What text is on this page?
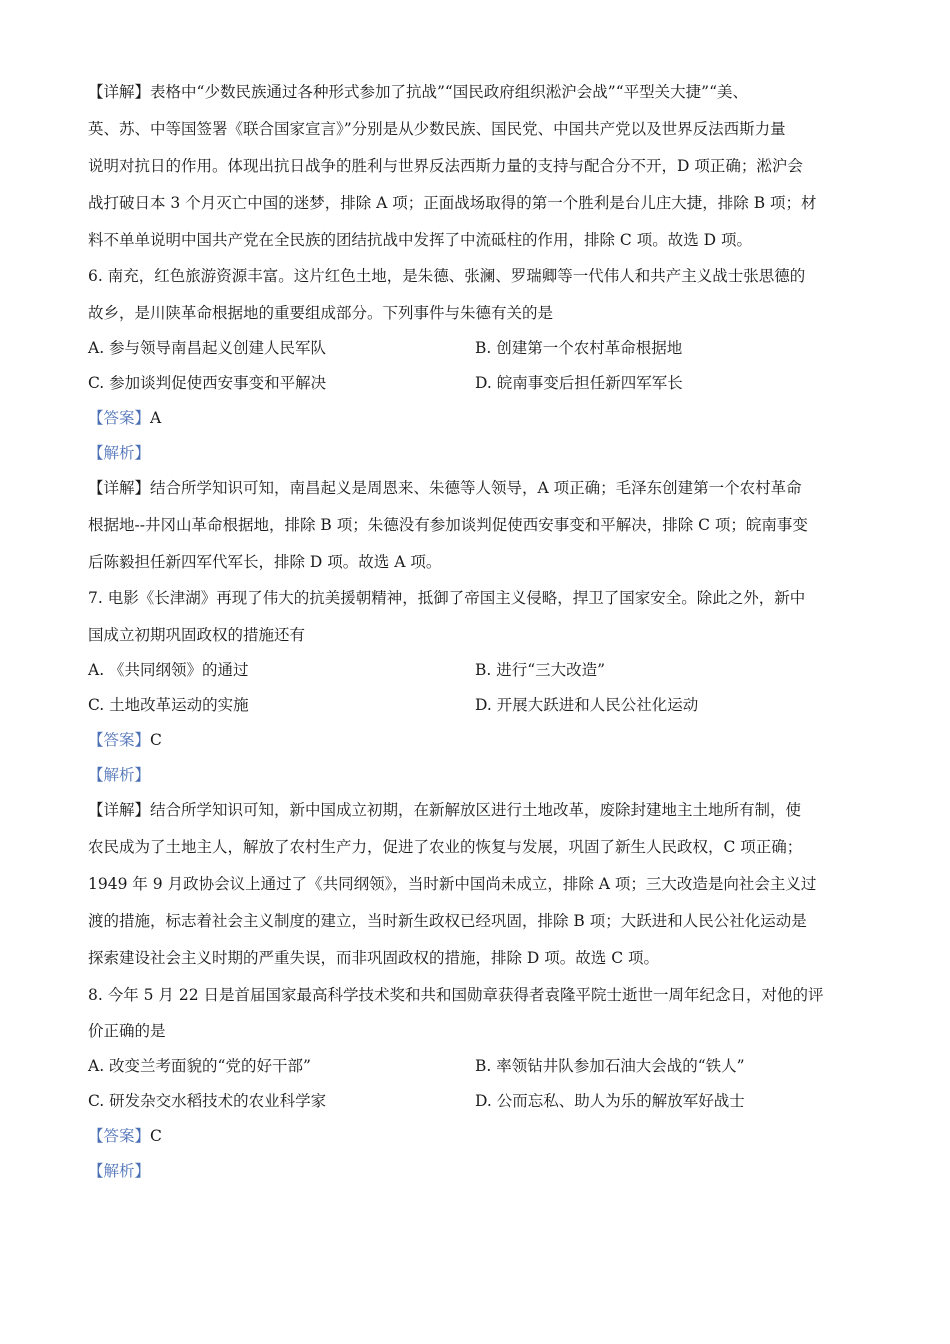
【详解】表格中“少数民族通过各种形式参加了抗战”“国民政府组织淞沪会战”“平型关大捷”“美、
英、苏、中等国签署《联合国家宣言》”分别是从少数民族、国民党、中国共产党以及世界反法西斯力量
说明对抗日的作用。体现出抗日战争的胜利与世界反法西斯力量的支持与配合分不开，D 项正确；淞沪会
战打破日本 3 个月灭亡中国的迷梦，排除 A 项；正面战场取得的第一个胜利是台儿庄大捷，排除 B 项；材
料不单单说明中国共产党在全民族的团结抗战中发挥了中流砥柱的作用，排除 C 项。故选 D 项。
6. 南充，红色旅游资源丰富。这片红色土地，是朱德、张澜、罗瑞卿等一代伟人和共产主义战士张思德的
故乡，是川陕革命根据地的重要组成部分。下列事件与朱德有关的是
A. 参与领导南昌起义创建人民军队	B. 创建第一个农村革命根据地
C. 参加谈判促使西安事变和平解决	D. 皖南事变后担任新四军军长
【答案】A
【解析】
【详解】结合所学知识可知，南昌起义是周恩来、朱德等人领导，A 项正确；毛泽东创建第一个农村革命
根据地--井冈山革命根据地，排除 B 项；朱德没有参加谈判促使西安事变和平解决，排除 C 项；皖南事变
后陈毅担任新四军代军长，排除 D 项。故选 A 项。
7. 电影《长津湖》再现了伟大的抗美援朝精神，抵御了帝国主义侵略，捍卫了国家安全。除此之外，新中
国成立初期巩固政权的措施还有
A. 《共同纲领》的通过	B. 进行“三大改造”
C. 土地改革运动的实施	D. 开展大跃进和人民公社化运动
【答案】C
【解析】
【详解】结合所学知识可知，新中国成立初期，在新解放区进行土地改革，废除封建地主土地所有制，使
农民成为了土地主人，解放了农村生产力，促进了农业的恢复与发展，巩固了新生人民政权，C 项正确；
1949 年 9 月政协会议上通过了《共同纲领》，当时新中国尚未成立，排除 A 项；三大改造是向社会主义过
渡的措施，标志着社会主义制度的建立，当时新生政权已经巩固，排除 B 项；大跃进和人民公社化运动是
探索建设社会主义时期的严重失误，而非巩固政权的措施，排除 D 项。故选 C 项。
8. 今年 5 月 22 日是首届国家最高科学技术奖和共和国勋章获得者袁隆平院士逝世一周年纪念日，对他的评
价正确的是
A. 改变兰考面貌的“党的好干部”	B. 率领钻井队参加石油大会战的“铁人”
C. 研发杂交水稻技术的农业科学家	D. 公而忘私、助人为乐的解放军好战士
【答案】C
【解析】
